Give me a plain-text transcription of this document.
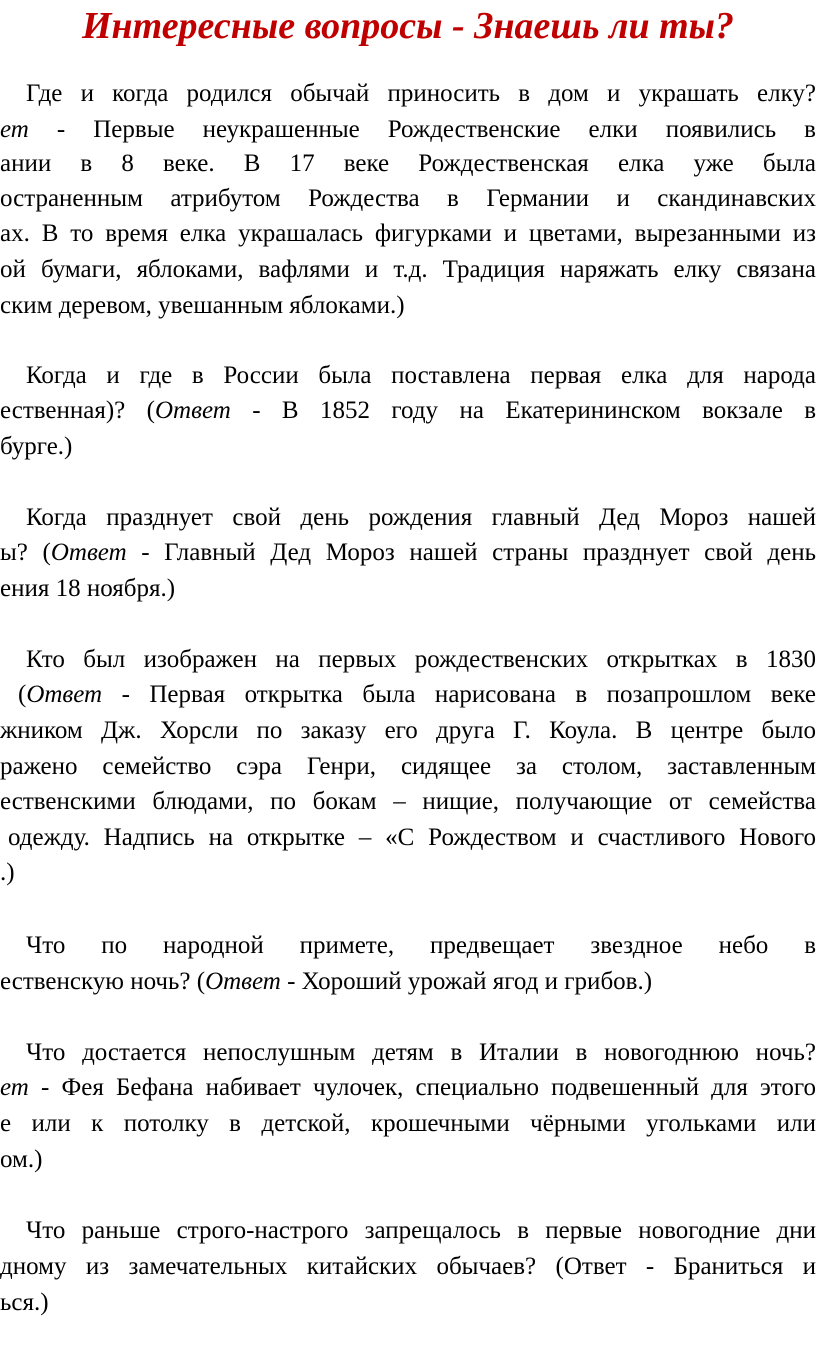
Интересные вопросы - Знаешь ли ты?
Где и когда родился обычай приносить в дом и украшать елку?
ет - Первые неукрашенные Рождественские елки появились в
ании в 8 веке. В 17 веке Рождественская елка уже была
остраненным атрибутом Рождества в Германии и скандинавских
ах. В то время елка украшалась фигурками и цветами, вырезанными из
ой бумаги, яблоками, вафлями и т.д. Традиция наряжать елку связана
ским деревом, увешанным яблоками.)
Когда и где в России была поставлена первая елка для народа
ественная)? (Ответ - В 1852 году на Екатерининском вокзале в
бурге.)
Когда празднует свой день рождения главный Дед Мороз нашей
ы? (Ответ - Главный Дед Мороз нашей страны празднует свой день
ения 18 ноября.)
Кто был изображен на первых рождественских открытках в 1830
(Ответ - Первая открытка была нарисована в позапрошлом веке
жником Дж. Хорсли по заказу его друга Г. Коула. В центре было
ражено семейство сэра Генри, сидящее за столом, заставленным
ественскими блюдами, по бокам – нищие, получающие от семейства
одежду. Надпись на открытке – «С Рождеством и счастливого Нового
.)
Что по народной примете, предвещает звездное небо в
ественскую ночь? (Ответ - Хороший урожай ягод и грибов.)
Что достается непослушным детям в Италии в новогоднюю ночь?
ет - Фея Бефана набивает чулочек, специально подвешенный для этого
е или к потолку в детской, крошечными чёрными угольками или
ом.)
Что раньше строго-настрого запрещалось в первые новогодние дни
дному из замечательных китайских обычаев? (Ответ - Браниться и
ься.)
